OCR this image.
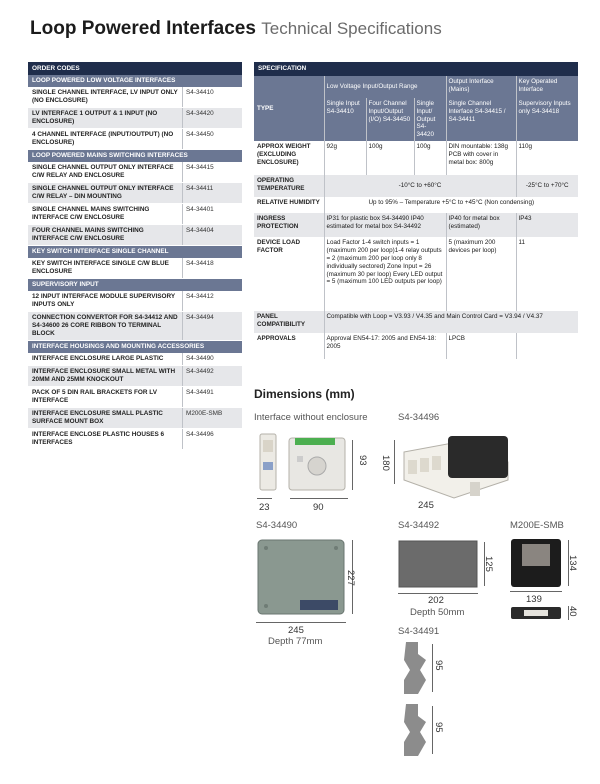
Loop Powered Interfaces Technical Specifications
ORDER CODES
LOOP POWERED LOW VOLTAGE INTERFACES
SINGLE CHANNEL INTERFACE, LV INPUT ONLY (NO ENCLOSURE)
S4-34410
LV INTERFACE 1 OUTPUT & 1 INPUT (NO ENCLOSURE)
S4-34420
4 CHANNEL INTERFACE (INPUT/OUTPUT) (NO ENCLOSURE)
S4-34450
LOOP POWERED MAINS SWITCHING INTERFACES
SINGLE CHANNEL OUTPUT ONLY INTERFACE C/W RELAY AND ENCLOSURE
S4-34415
SINGLE CHANNEL OUTPUT ONLY INTERFACE C/W RELAY – DIN MOUNTING
S4-34411
SINGLE CHANNEL MAINS SWITCHING INTERFACE C/W ENCLOSURE
S4-34401
FOUR CHANNEL MAINS SWITCHING INTERFACE C/W ENCLOSURE
S4-34404
KEY SWITCH INTERFACE SINGLE CHANNEL
KEY SWITCH INTERFACE SINGLE C/W BLUE ENCLOSURE
S4-34418
SUPERVISORY INPUT
12 INPUT INTERFACE MODULE SUPERVISORY INPUTS ONLY
S4-34412
CONNECTION CONVERTOR FOR S4-34412 AND S4-34600 26 CORE RIBBON TO TERMINAL BLOCK
S4-34494
INTERFACE HOUSINGS AND MOUNTING ACCESSORIES
INTERFACE ENCLOSURE LARGE PLASTIC	S4-34490
INTERFACE ENCLOSURE SMALL METAL WITH 20MM AND 25MM KNOCKOUT
S4-34492
PACK OF 5 DIN RAIL BRACKETS FOR LV INTERFACE
S4-34491
INTERFACE ENCLOSURE SMALL PLASTIC SURFACE MOUNT BOX
M200E-SMB
INTERFACE ENCLOSE PLASTIC HOUSES 6 INTERFACES
S4-34496
SPECIFICATION					
TYPE	Low Voltage Input/Output Range			Output Interface (Mains)	Key Operated Interface
	Single Input S4-34410	Four Channel Input/Output (I/O) S4-34450	Single Input/ Output S4-34420	Single Channel Interface S4-34415 / S4-34411	Supervisory Inputs only S4-34418
APPROX WEIGHT (EXCLUDING ENCLOSURE)	92g	100g	100g	DIN mountable: 138g PCB with cover in metal box: 800g	110g
OPERATING TEMPERATURE	-10°C to +60°C				-25°C to +70°C
RELATIVE HUMIDITY	Up to 95% – Temperature +5°C to +45°C (Non condensing)				
INGRESS PROTECTION	IP31 for plastic box S4-34490 IP40 estimated for metal box S4-34492			IP40 for metal box (estimated)	IP43
DEVICE LOAD FACTOR	Load Factor 1-4 switch inputs = 1 (maximum 200 per loop)1-4 relay outputs = 2 (maximum 200 per loop only 8 individually sectored) Zone Input = 26 (maximum 30 per loop) Every LED output = 5 (maximum 100 LED outputs per loop)			5 (maximum 200 devices per loop)	11
PANEL COMPATIBILITY	Compatible with Loop = V3.93 / V4.35 and Main Control Card = V3.94 / V4.37				
APPROVALS	Approval EN54-17: 2005 and EN54-18: 2005			LPCB	
Dimensions (mm)
Interface without enclosure	S4-34496
23	90
93 180
245
S4-34490
227
245
Depth 77mm
S4-34492
125
202
Depth 50mm
M200E-SMB
134
139
40
S4-34491
95
95
